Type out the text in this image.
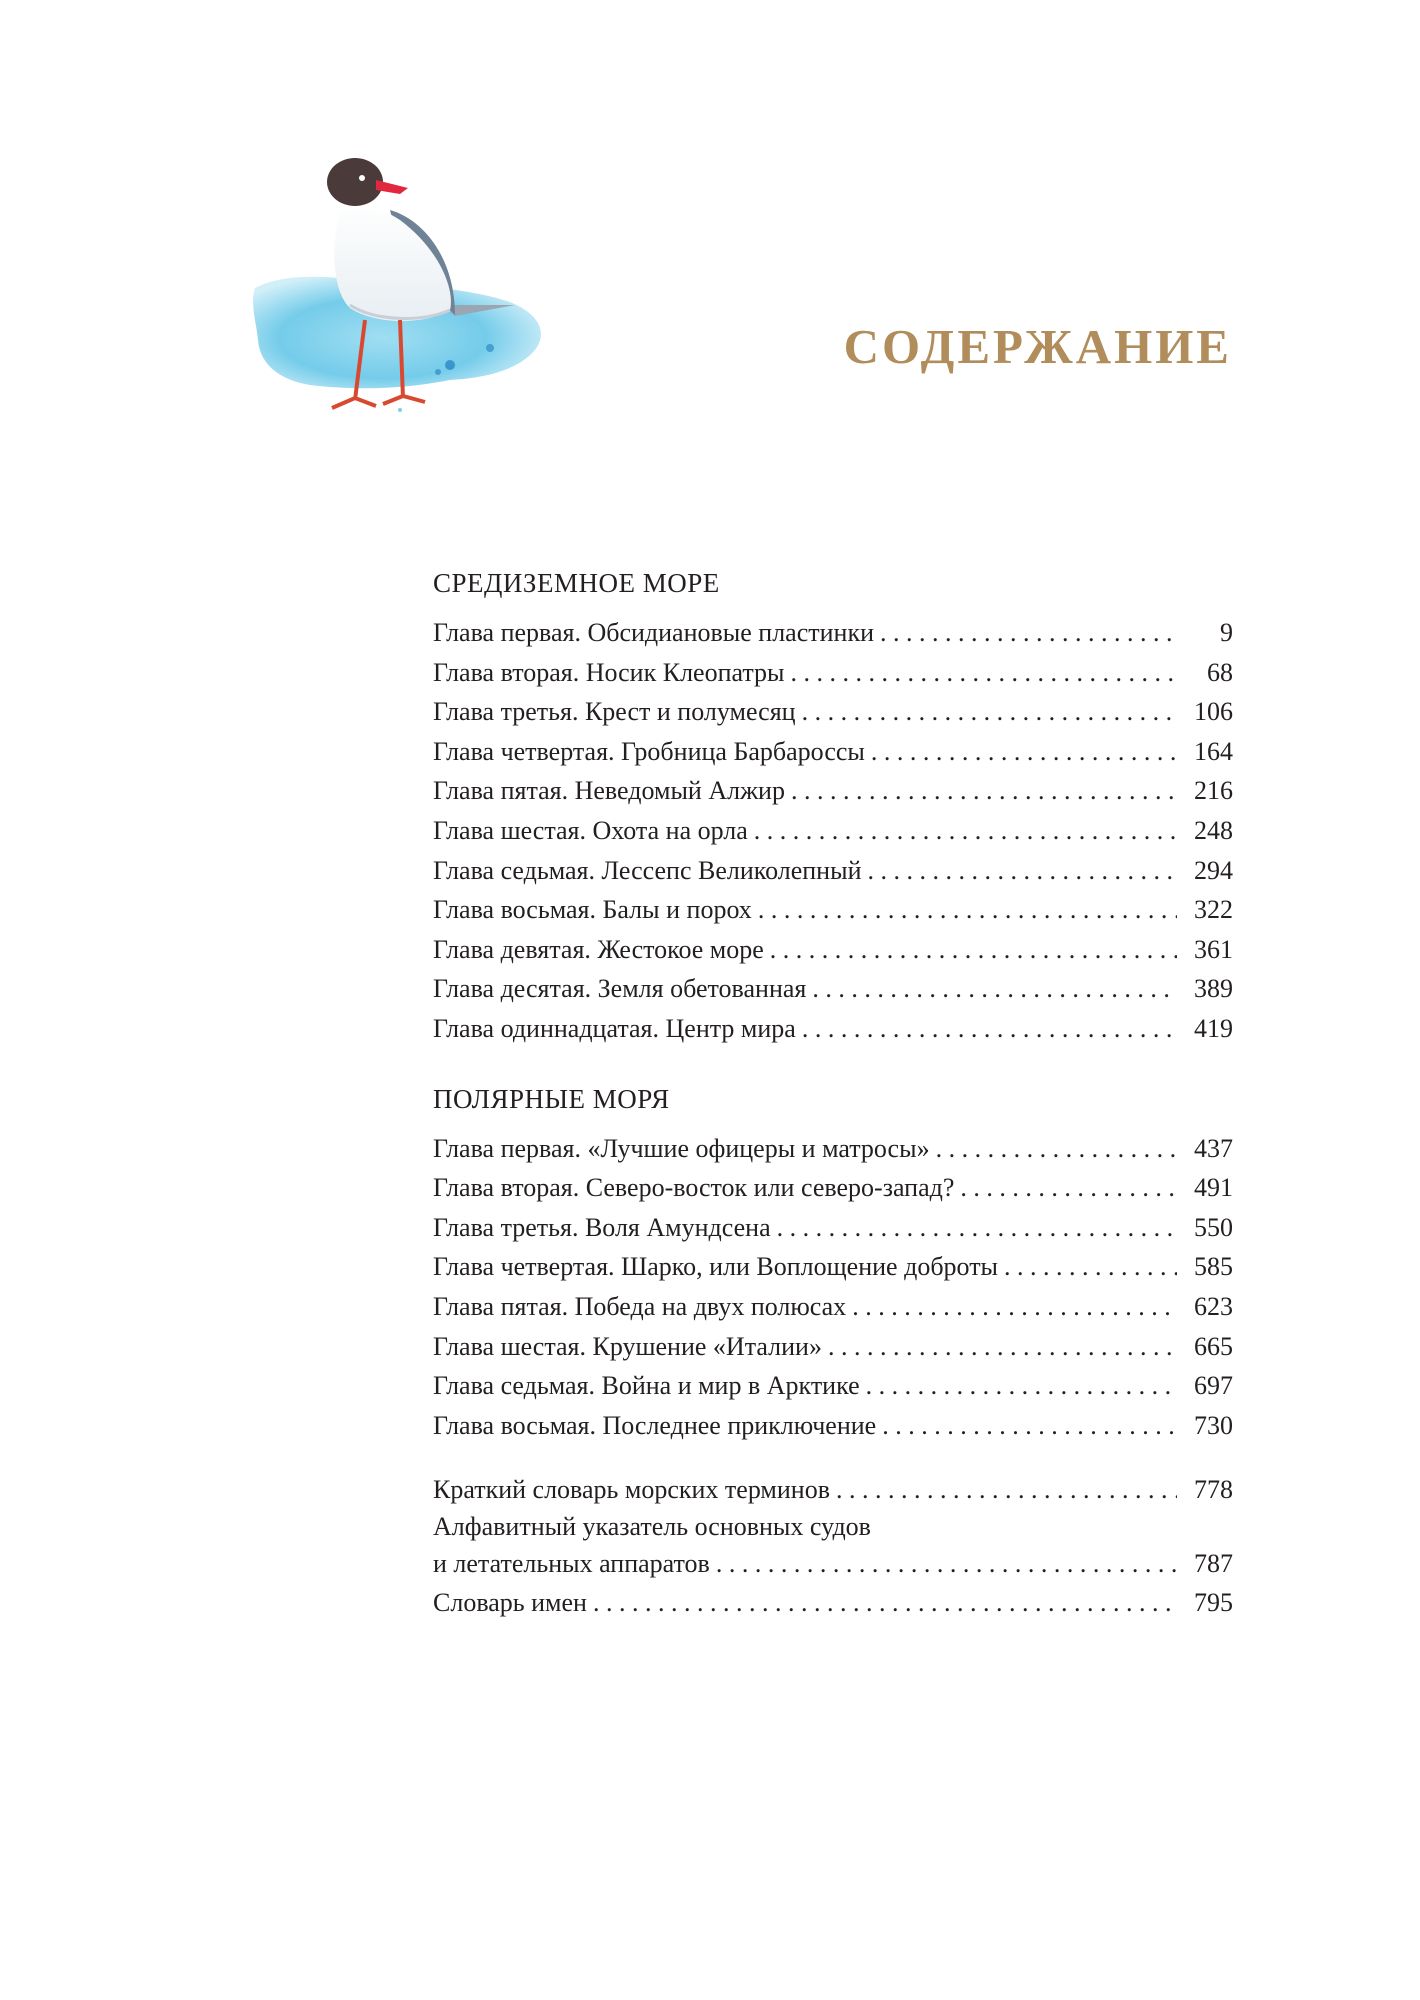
СОДЕРЖАНИЕ
СРЕДИЗЕМНОЕ МОРЕ
Глава первая. Обсидиановые пластинки . . .	9
Глава вторая. Носик Клеопатры . . .	68
Глава третья. Крест и полумесяц . . .	106
Глава четвертая. Гробница Барбароссы . . .	164
Глава пятая. Неведомый Алжир . . .	216
Глава шестая. Охота на орла . . .	248
Глава седьмая. Лессепс Великолепный . . .	294
Глава восьмая. Балы и порох . . .	322
Глава девятая. Жестокое море . . .	361
Глава десятая. Земля обетованная . . .	389
Глава одиннадцатая. Центр мира . . .	419
ПОЛЯРНЫЕ МОРЯ
Глава первая. «Лучшие офицеры и матросы» . . .	437
Глава вторая. Северо-восток или северо-запад? . . .	491
Глава третья. Воля Амундсена . . .	550
Глава четвертая. Шарко, или Воплощение доброты . . .	585
Глава пятая. Победа на двух полюсах . . .	623
Глава шестая. Крушение «Италии» . . .	665
Глава седьмая. Война и мир в Арктике . . .	697
Глава восьмая. Последнее приключение . . .	730
Краткий словарь морских терминов . . .	778
Алфавитный указатель основных судов
и летательных аппаратов . . .	787
Словарь имен . . .	795
